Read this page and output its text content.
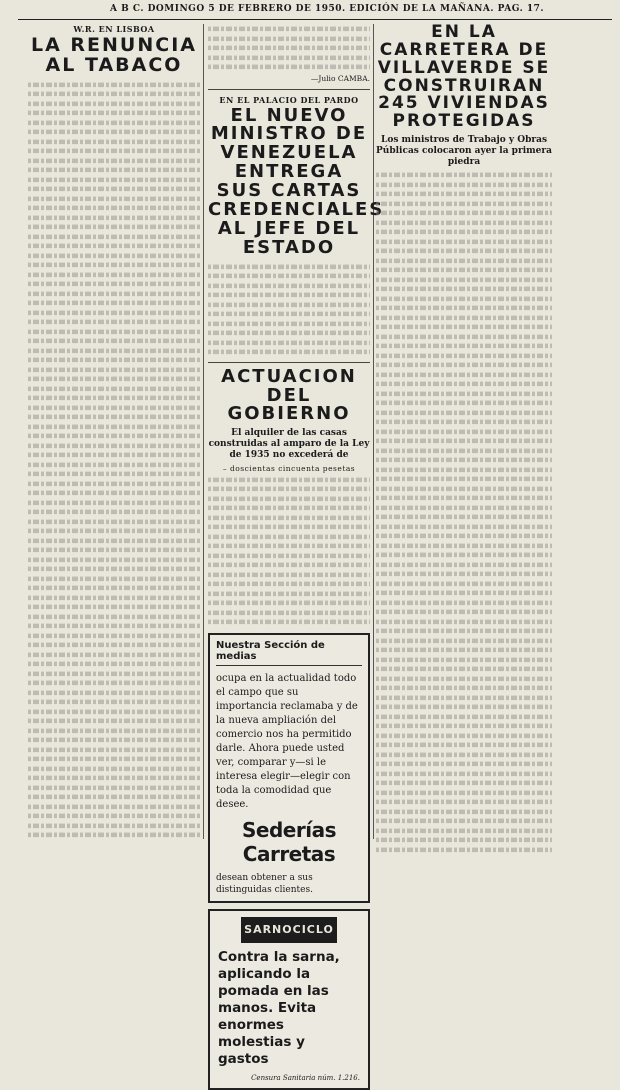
A B C. DOMINGO 5 DE FEBRERO DE 1950. EDICIÓN DE LA MAÑANA. PAG. 17.

W.R. EN LISBOA

LA RENUNCIA AL TABACO

—Julio CAMBA.

EN EL PALACIO DEL PARDO

EL NUEVO MINISTRO DE VENEZUELA ENTREGA SUS CARTAS CREDENCIALES AL JEFE DEL ESTADO
ACTUACION DEL GOBIERNO

El alquiler de las casas construidas al amparo de la Ley de 1935 no excederá de

– doscientas cincuenta pesetas

Nuestra Sección de medias
ocupa en la actualidad todo el campo que su importancia reclamaba y de la nueva ampliación del comercio nos ha permitido darle. Ahora puede usted ver, comparar y—si le interesa elegir—elegir con toda la comodidad que desee.
Sederías Carretas
desean obtener a sus distinguidas clientes.
SARNOCICLO
Contra la sarna, aplicando la pomada en las manos. Evita enormes molestias y gastos
Censura Sanitaria núm. 1.216.
EN LA CARRETERA DE VILLAVERDE SE CONSTRUIRAN 245 VIVIENDAS PROTEGIDAS

Los ministros de Trabajo y Obras Públicas colocaron ayer la primera piedra
